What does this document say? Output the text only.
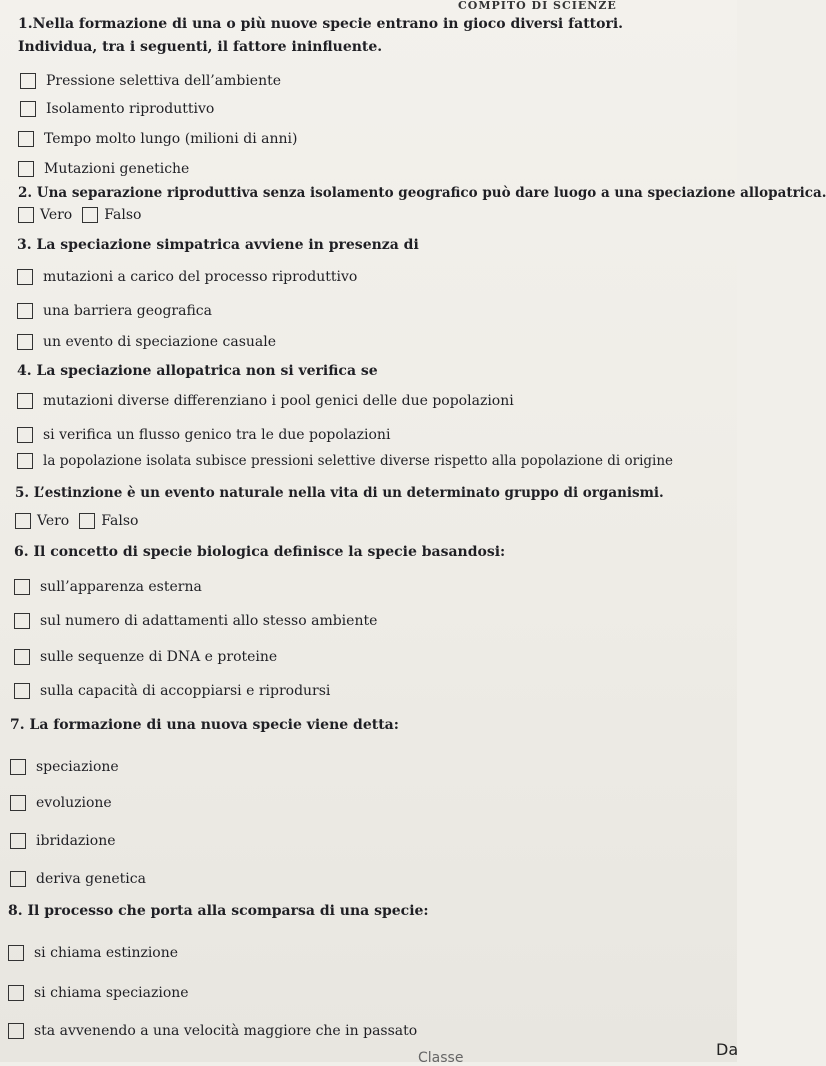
COMPITO DI SCIENZE
1.Nella formazione di una o più nuove specie entrano in gioco diversi fattori.
Individua, tra i seguenti, il fattore ininfluente.
Pressione selettiva dell’ambiente
Isolamento riproduttivo
Tempo molto lungo (milioni di anni)
Mutazioni genetiche
2. Una separazione riproduttiva senza isolamento geografico può dare luogo a una speciazione allopatrica.
Vero Falso
3. La speciazione simpatrica avviene in presenza di
mutazioni a carico del processo riproduttivo
una barriera geografica
un evento di speciazione casuale
4. La speciazione allopatrica non si verifica se
mutazioni diverse differenziano i pool genici delle due popolazioni
si verifica un flusso genico tra le due popolazioni
la popolazione isolata subisce pressioni selettive diverse rispetto alla popolazione di origine
5. L’estinzione è un evento naturale nella vita di un determinato gruppo di organismi.
Vero Falso
6. Il concetto di specie biologica definisce la specie basandosi:
sull’apparenza esterna
sul numero di adattamenti allo stesso ambiente
sulle sequenze di DNA e proteine
sulla capacità di accoppiarsi e riprodursi
7. La formazione di una nuova specie viene detta:
speciazione
evoluzione
ibridazione
deriva genetica
8. Il processo che porta alla scomparsa di una specie:
si chiama estinzione
si chiama speciazione
sta avvenendo a una velocità maggiore che in passato
Classe	Da
